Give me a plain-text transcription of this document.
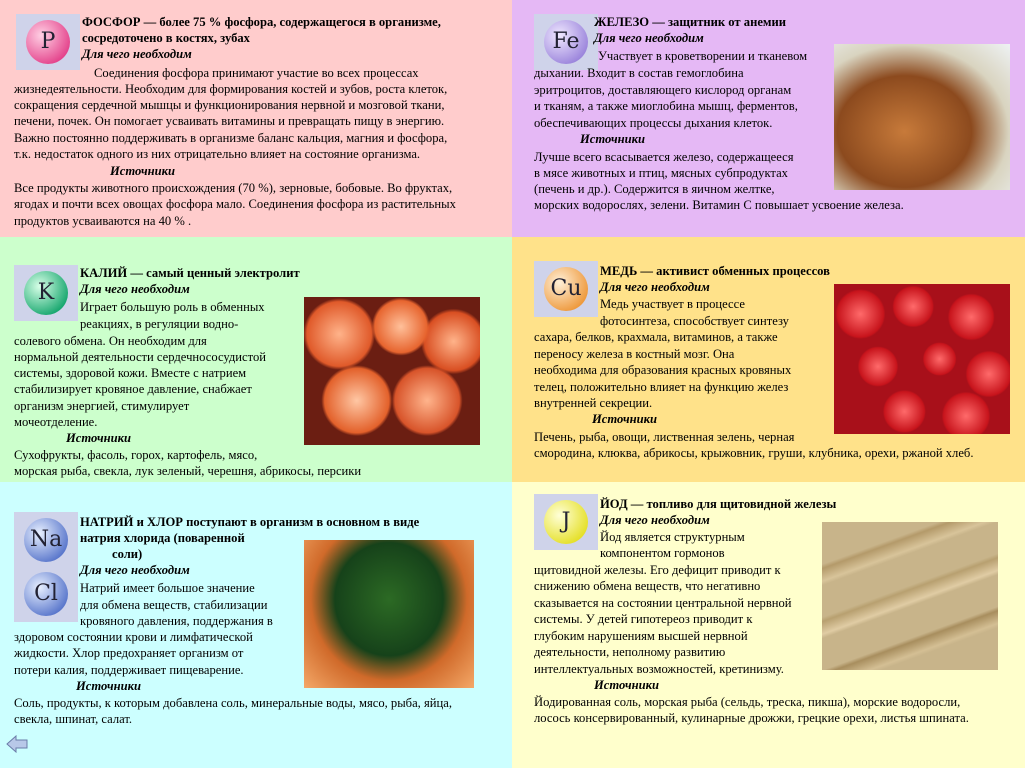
P
ФОСФОР — более 75 % фосфора, содержащегося в организме,
сосредоточено в костях, зубах
Для чего необходим
Соединения фосфора принимают участие во всех процессах
жизнедеятельности. Необходим для формирования костей и зубов, роста клеток,
сокращения сердечной мышцы и функционирования нервной и мозговой ткани,
печени, почек. Он помогает усваивать витамины и превращать пищу в энергию.
Важно постоянно поддерживать в организме баланс кальция, магния и фосфора,
т.к. недостаток одного из них отрицательно влияет на состояние организма.
Источники
Все продукты животного происхождения (70 %), зерновые, бобовые. Во фруктах,
ягодах и почти всех овощах фосфора мало. Соединения фосфора из растительных
продуктов усваиваются на 40 % .
Fe
ЖЕЛЕЗО — защитник от анемии
Для чего необходим
Участвует в кроветворении и тканевом
дыхании. Входит в состав гемоглобина
эритроцитов, доставляющего кислород органам
и тканям, а также миоглобина мышц, ферментов,
обеспечивающих процессы дыхания клеток.
Источники
Лучше всего всасывается железо, содержащееся
в мясе животных и птиц, мясных субпродуктах
(печень и др.). Содержится в яичном желтке,
морских водорослях, зелени. Витамин С повышает усвоение железа.
K
КАЛИЙ — самый ценный электролит
Для чего необходим
Играет большую роль в обменных
реакциях, в регуляции водно-
солевого обмена. Он необходим для
нормальной деятельности сердечнососудистой
системы, здоровой кожи. Вместе с натрием
стабилизирует кровяное давление, снабжает
организм энергией, стимулирует
мочеотделение.
Источники
Сухофрукты, фасоль, горох, картофель, мясо,
морская рыба, свекла, лук зеленый, черешня, абрикосы, персики
Cu
МЕДЬ — активист обменных процессов
Для чего необходим
Медь участвует в процессе
фотосинтеза, способствует синтезу
сахара, белков, крахмала, витаминов, а также
переносу железа в костный мозг. Она
необходима для образования красных кровяных
телец, положительно влияет на функцию желез
внутренней секреции.
Источники
Печень, рыба, овощи, лиственная зелень, черная
смородина, клюква, абрикосы, крыжовник, груши, клубника, орехи, ржаной хлеб.
Na
Cl
НАТРИЙ и ХЛОР поступают в организм в основном в виде
натрия хлорида (поваренной
соли)
Для чего необходим
Натрий имеет большое значение
для обмена веществ, стабилизации
кровяного давления, поддержания в
здоровом состоянии крови и лимфатической
жидкости. Хлор предохраняет организм от
потери калия, поддерживает пищеварение.
Источники
Соль, продукты, к которым добавлена соль, минеральные воды, мясо, рыба, яйца,
свекла, шпинат, салат.
J
ЙОД — топливо для щитовидной железы
Для чего необходим
Йод является структурным
компонентом гормонов
щитовидной железы. Его дефицит приводит к
снижению обмена веществ, что негативно
сказывается на состоянии центральной нервной
системы. У детей гипотереоз приводит к
глубоким нарушениям высшей нервной
деятельности, неполному развитию
интеллектуальных возможностей, кретинизму.
Источники
Йодированная соль, морская рыба (сельдь, треска, пикша), морские водоросли,
лосось консервированный, кулинарные дрожжи, грецкие орехи, листья шпината.
